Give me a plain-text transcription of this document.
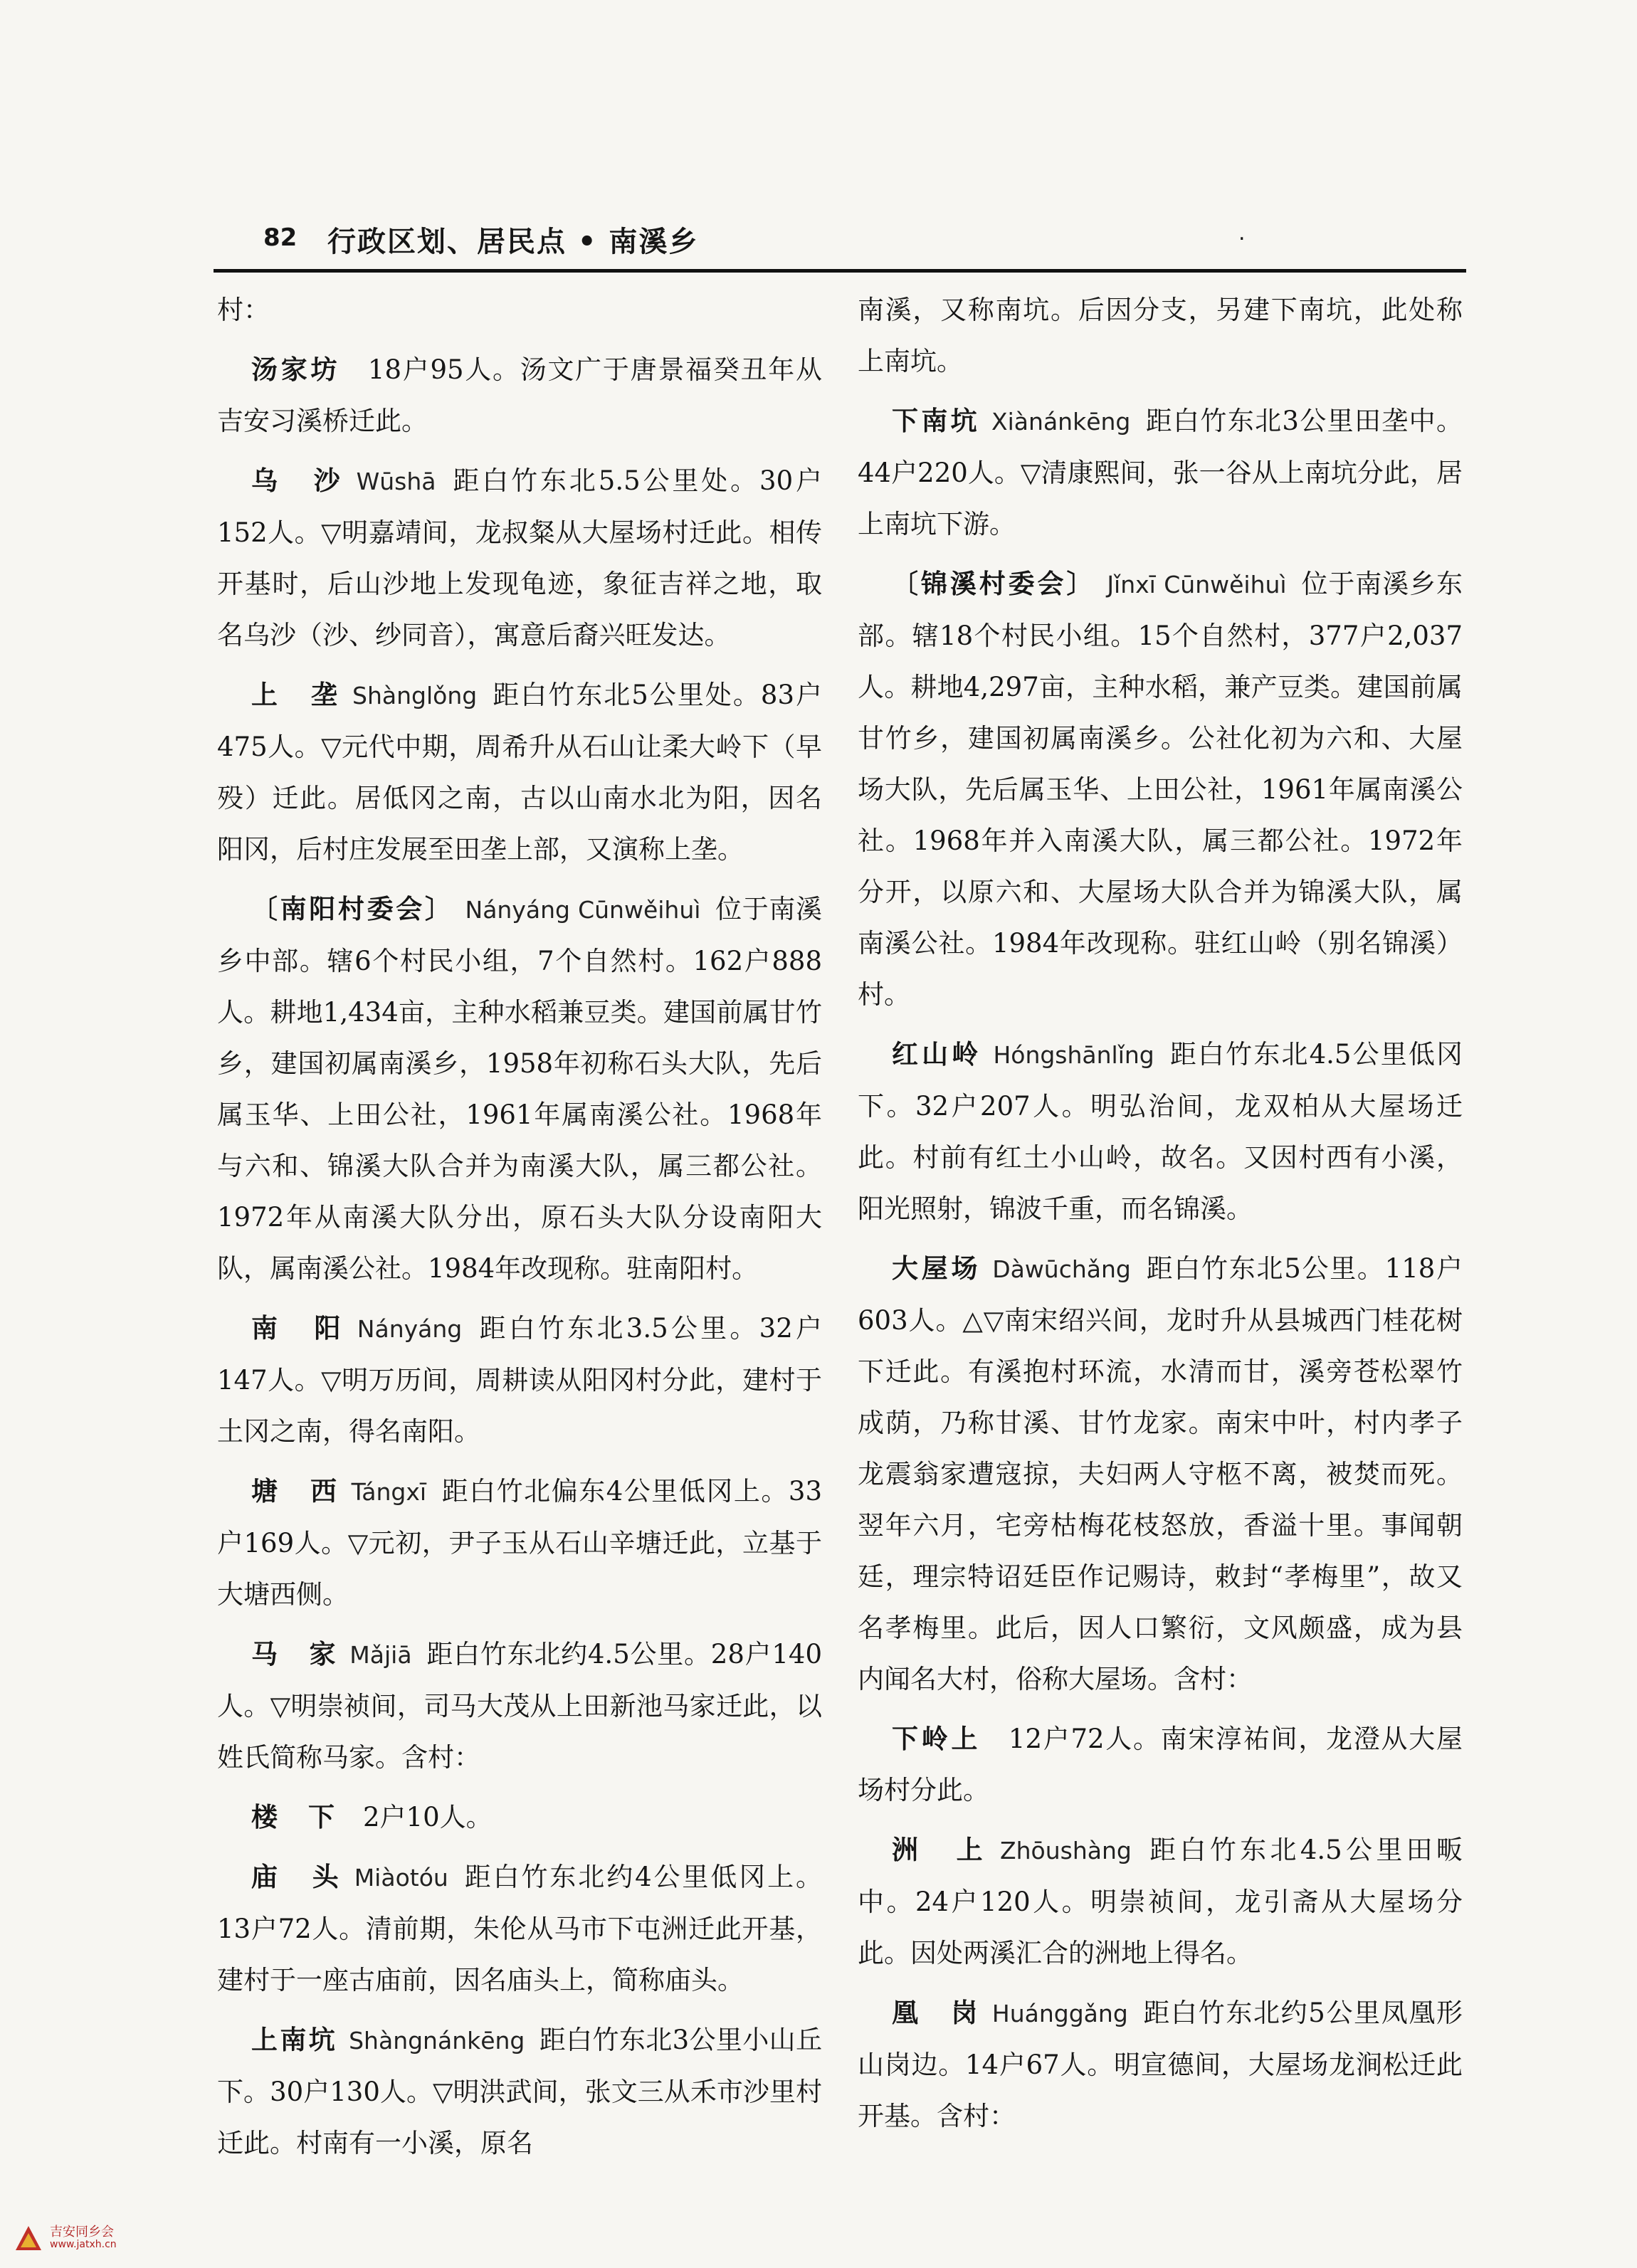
82 行政区划、居民点 • 南溪乡	.

村：

汤家坊　 18户95人。汤文广于唐景福癸丑年从吉安习溪桥迁此。

乌　沙 Wūshā 距白竹东北5.5公里处。30户152人。▽明嘉靖间，龙叔粲从大屋场村迁此。相传开基时，后山沙地上发现龟迹，象征吉祥之地，取名乌沙（沙、纱同音），寓意后裔兴旺发达。

上　垄 Shànglǒng 距白竹东北5公里处。83户475人。▽元代中期，周希升从石山让柔大岭下（早殁）迁此。居低冈之南，古以山南水北为阳，因名阳冈，后村庄发展至田垄上部，又演称上垄。

〔南阳村委会〕 Nányáng Cūnwěihuì 位于南溪乡中部。辖6个村民小组，7个自然村。162户888人。耕地1,434亩，主种水稻兼豆类。建国前属甘竹乡，建国初属南溪乡，1958年初称石头大队，先后属玉华、上田公社，1961年属南溪公社。1968年与六和、锦溪大队合并为南溪大队，属三都公社。1972年从南溪大队分出，原石头大队分设南阳大队，属南溪公社。1984年改现称。驻南阳村。

南　阳 Nányáng 距白竹东北3.5公里。32户147人。▽明万历间，周耕读从阳冈村分此，建村于土冈之南，得名南阳。

塘　西 Tángxī 距白竹北偏东4公里低冈上。33户169人。▽元初，尹子玉从石山辛塘迁此，立基于大塘西侧。

马　家 Mǎjiā 距白竹东北约4.5公里。28户140人。▽明崇祯间，司马大茂从上田新池马家迁此，以姓氏简称马家。含村：

楼　下　 2户10人。

庙　头 Miàotóu 距白竹东北约4公里低冈上。13户72人。清前期，朱伦从马市下屯洲迁此开基，建村于一座古庙前，因名庙头上，简称庙头。

上南坑 Shàngnánkēng 距白竹东北3公里小山丘下。30户130人。▽明洪武间，张文三从禾市沙里村迁此。村南有一小溪，原名

南溪，又称南坑。后因分支，另建下南坑，此处称上南坑。

下南坑 Xiànánkēng 距白竹东北3公里田垄中。44户220人。▽清康熙间，张一谷从上南坑分此，居上南坑下游。

〔锦溪村委会〕 Jǐnxī Cūnwěihuì 位于南溪乡东部。辖18个村民小组。15个自然村，377户2,037人。耕地4,297亩，主种水稻，兼产豆类。建国前属甘竹乡，建国初属南溪乡。公社化初为六和、大屋场大队，先后属玉华、上田公社，1961年属南溪公社。1968年并入南溪大队，属三都公社。1972年分开，以原六和、大屋场大队合并为锦溪大队，属南溪公社。1984年改现称。驻红山岭（别名锦溪）村。

红山岭 Hóngshānlǐng 距白竹东北4.5公里低冈下。32户207人。明弘治间，龙双柏从大屋场迁此。村前有红土小山岭，故名。又因村西有小溪，阳光照射，锦波千重，而名锦溪。

大屋场 Dàwūchǎng 距白竹东北5公里。118户603人。△▽南宋绍兴间，龙时升从县城西门桂花树下迁此。有溪抱村环流，水清而甘，溪旁苍松翠竹成荫，乃称甘溪、甘竹龙家。南宋中叶，村内孝子龙震翁家遭寇掠，夫妇两人守柩不离，被焚而死。翌年六月，宅旁枯梅花枝怒放，香溢十里。事闻朝廷，理宗特诏廷臣作记赐诗，敕封“孝梅里”，故又名孝梅里。此后，因人口繁衍，文风颇盛，成为县内闻名大村，俗称大屋场。含村：

下岭上　 12户72人。南宋淳祐间，龙澄从大屋场村分此。

洲　上 Zhōushàng 距白竹东北4.5公里田畈中。24户120人。明崇祯间，龙引斋从大屋场分此。因处两溪汇合的洲地上得名。

凰　岗 Huánggǎng 距白竹东北约5公里凤凰形山岗边。14户67人。明宣德间，大屋场龙涧松迁此开基。含村：

吉安同乡会
www.jatxh.cn
